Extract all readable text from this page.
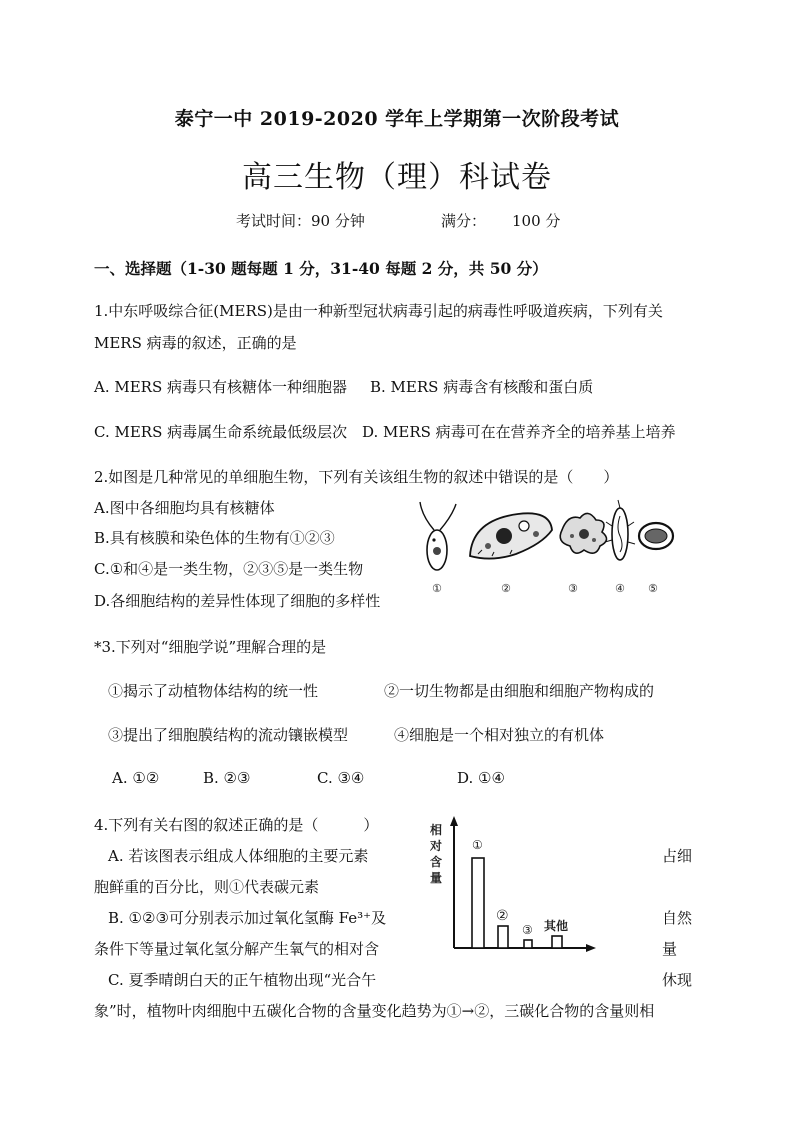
泰宁一中 2019-2020 学年上学期第一次阶段考试
高三生物（理）科试卷
考试时间：90 分钟	满分： 100 分
一、选择题（1-30 题每题 1 分，31-40 每题 2 分，共 50 分）
1.中东呼吸综合征(MERS)是由一种新型冠状病毒引起的病毒性呼吸道疾病，下列有关
MERS 病毒的叙述，正确的是
A. MERS 病毒只有核糖体一种细胞器 B. MERS 病毒含有核酸和蛋白质
C. MERS 病毒属生命系统最低级层次 D. MERS 病毒可在在营养齐全的培养基上培养
2.如图是几种常见的单细胞生物，下列有关该组生物的叙述中错误的是（　　）
A.图中各细胞均具有核糖体
B.具有核膜和染色体的生物有①②③
C.①和④是一类生物，②③⑤是一类生物
D.各细胞结构的差异性体现了细胞的多样性
①	②	③	④ ⑤
*3.下列对“细胞学说”理解合理的是
①揭示了动植物体结构的统一性	②一切生物都是由细胞和细胞产物构成的
③提出了细胞膜结构的流动镶嵌模型	④细胞是一个相对独立的有机体
A. ①②	B. ②③	C. ③④	D. ①④
4.下列有关右图的叙述正确的是（　　　）
A. 若该图表示组成人体细胞的主要元素	占细
胞鲜重的百分比，则①代表碳元素
B. ①②③可分别表示加过氧化氢酶 Fe³⁺及	自然
条件下等量过氧化氢分解产生氧气的相对含	量
C. 夏季晴朗白天的正午植物出现“光合午	休现
象”时，植物叶肉细胞中五碳化合物的含量变化趋势为①→②，三碳化合物的含量则相
相
对
含
量
②
③ 其他
①
